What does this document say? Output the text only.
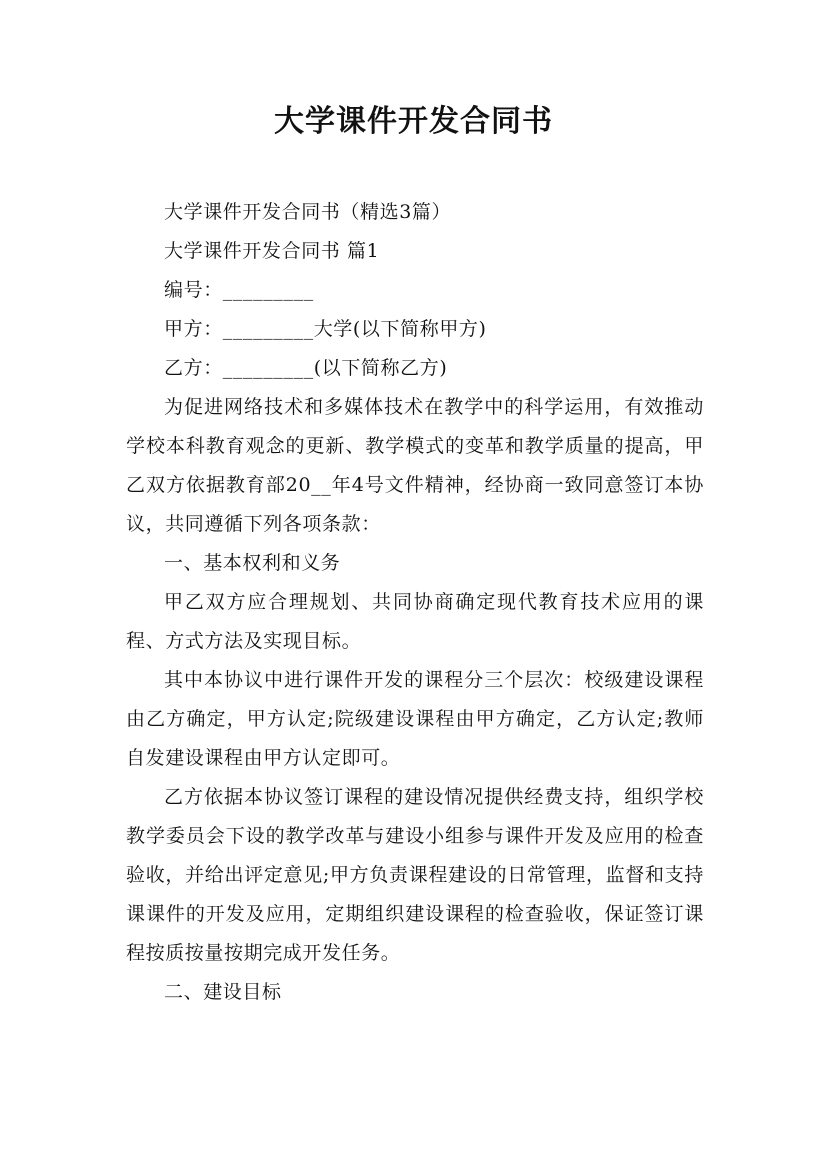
大学课件开发合同书

大学课件开发合同书（精选3篇）

大学课件开发合同书 篇1

编号：_________

甲方：_________大学(以下简称甲方)

乙方：_________(以下简称乙方)

为促进网络技术和多媒体技术在教学中的科学运用，有效推动学校本科教育观念的更新、教学模式的变革和教学质量的提高，甲乙双方依据教育部20__年4号文件精神，经协商一致同意签订本协议，共同遵循下列各项条款：

一、基本权利和义务

甲乙双方应合理规划、共同协商确定现代教育技术应用的课程、方式方法及实现目标。

其中本协议中进行课件开发的课程分三个层次：校级建设课程由乙方确定，甲方认定;院级建设课程由甲方确定，乙方认定;教师自发建设课程由甲方认定即可。

乙方依据本协议签订课程的建设情况提供经费支持，组织学校教学委员会下设的教学改革与建设小组参与课件开发及应用的检查验收，并给出评定意见;甲方负责课程建设的日常管理，监督和支持课课件的开发及应用，定期组织建设课程的检查验收，保证签订课程按质按量按期完成开发任务。

二、建设目标
